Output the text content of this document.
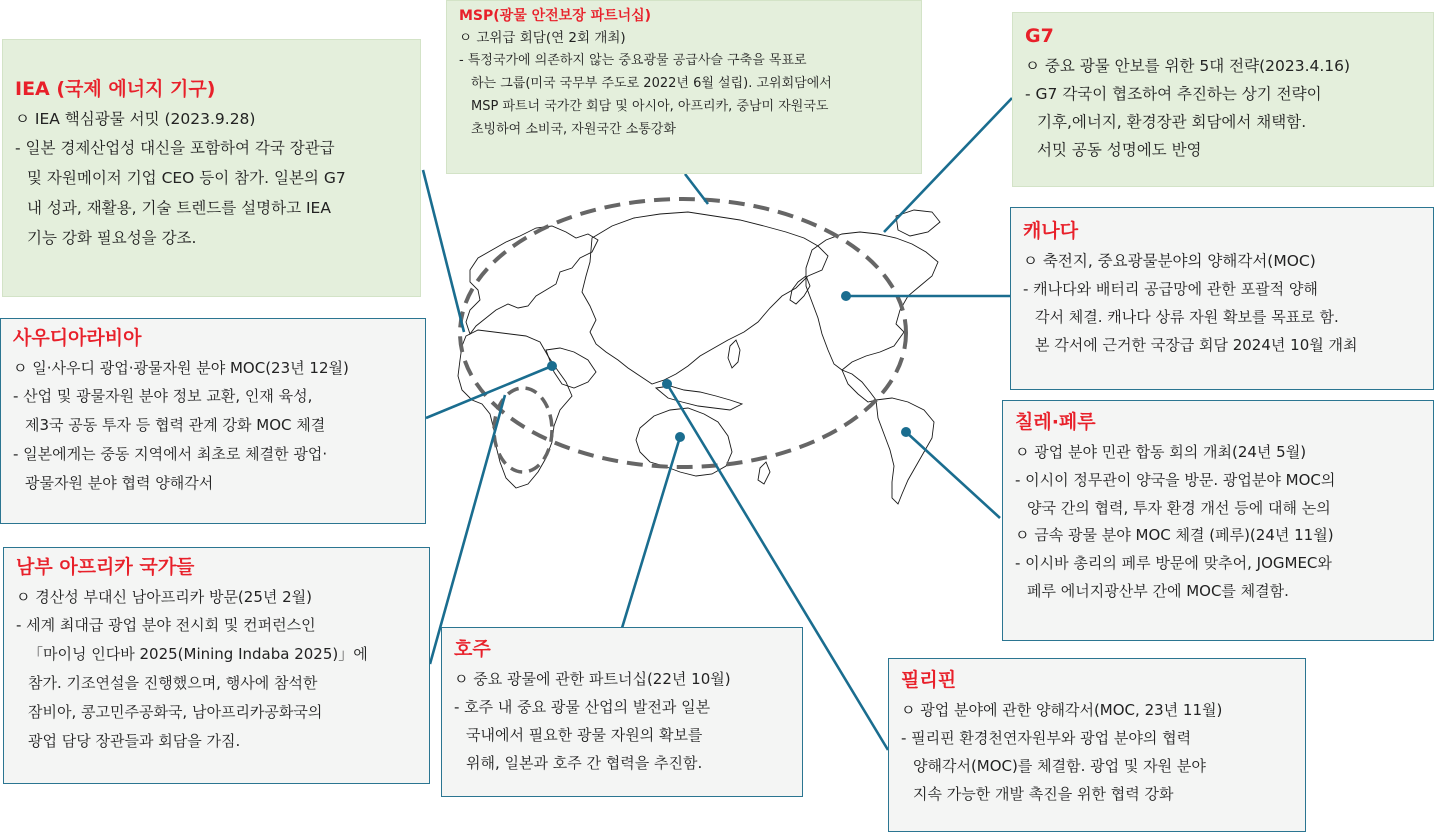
IEA (국제 에너지 기구)
ㅇ IEA 핵심광물 서밋 (2023.9.28)
- 일본 경제산업성 대신을 포함하여 각국 장관급
및 자원메이저 기업 CEO 등이 참가. 일본의 G7
내 성과, 재활용, 기술 트렌드를 설명하고 IEA
기능 강화 필요성을 강조.
MSP(광물 안전보장 파트너십)
ㅇ 고위급 회담(연 2회 개최)
- 특정국가에 의존하지 않는 중요광물 공급사슬 구축을 목표로
하는 그룹(미국 국무부 주도로 2022년 6월 설립). 고위회담에서
MSP 파트너 국가간 회담 및 아시아, 아프리카, 중남미 자원국도
초빙하여 소비국, 자원국간 소통강화
G7
ㅇ 중요 광물 안보를 위한 5대 전략(2023.4.16)
- G7 각국이 협조하여 추진하는 상기 전략이
기후,에너지, 환경장관 회담에서 채택함.
서밋 공동 성명에도 반영
캐나다
ㅇ 축전지, 중요광물분야의 양해각서(MOC)
- 캐나다와 배터리 공급망에 관한 포괄적 양해
각서 체결. 캐나다 상류 자원 확보를 목표로 함.
본 각서에 근거한 국장급 회담 2024년 10월 개최
사우디아라비아
ㅇ 일·사우디 광업·광물자원 분야 MOC(23년 12월)
- 산업 및 광물자원 분야 정보 교환, 인재 육성,
제3국 공동 투자 등 협력 관계 강화 MOC 체결
- 일본에게는 중동 지역에서 최초로 체결한 광업·
광물자원 분야 협력 양해각서
칠레·페루
ㅇ 광업 분야 민관 합동 회의 개최(24년 5월)
- 이시이 정무관이 양국을 방문. 광업분야 MOC의
양국 간의 협력, 투자 환경 개선 등에 대해 논의
ㅇ 금속 광물 분야 MOC 체결 (페루)(24년 11월)
- 이시바 총리의 페루 방문에 맞추어, JOGMEC와
페루 에너지광산부 간에 MOC를 체결함.
남부 아프리카 국가들
ㅇ 경산성 부대신 남아프리카 방문(25년 2월)
- 세계 최대급 광업 분야 전시회 및 컨퍼런스인
「마이닝 인다바 2025(Mining Indaba 2025)」에
참가. 기조연설을 진행했으며, 행사에 참석한
잠비아, 콩고민주공화국, 남아프리카공화국의
광업 담당 장관들과 회담을 가짐.
호주
ㅇ 중요 광물에 관한 파트너십(22년 10월)
- 호주 내 중요 광물 산업의 발전과 일본
국내에서 필요한 광물 자원의 확보를
위해, 일본과 호주 간 협력을 추진함.
필리핀
ㅇ 광업 분야에 관한 양해각서(MOC, 23년 11월)
- 필리핀 환경천연자원부와 광업 분야의 협력
양해각서(MOC)를 체결함. 광업 및 자원 분야
지속 가능한 개발 촉진을 위한 협력 강화
